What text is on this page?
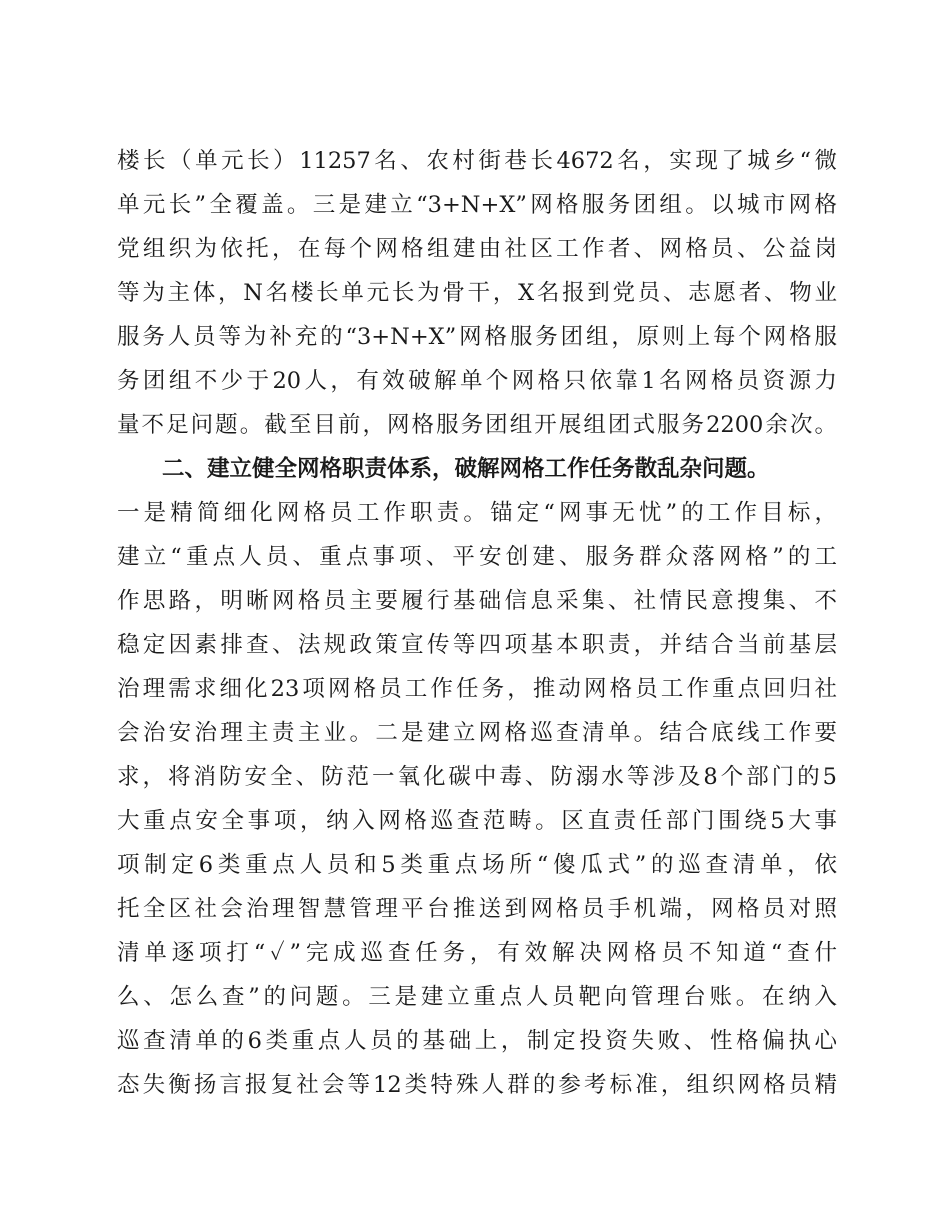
楼长（单元长）11257名、农村街巷长4672名，实现了城乡“微
单元长”全覆盖。三是建立“3+N+X”网格服务团组。以城市网格
党组织为依托，在每个网格组建由社区工作者、网格员、公益岗
等为主体，N名楼长单元长为骨干，X名报到党员、志愿者、物业
服务人员等为补充的“3+N+X”网格服务团组，原则上每个网格服
务团组不少于20人，有效破解单个网格只依靠1名网格员资源力
量不足问题。截至目前，网格服务团组开展组团式服务2200余次。
二、建立健全网格职责体系，破解网格工作任务散乱杂问题。
一是精简细化网格员工作职责。锚定“网事无忧”的工作目标，
建立“重点人员、重点事项、平安创建、服务群众落网格”的工
作思路，明晰网格员主要履行基础信息采集、社情民意搜集、不
稳定因素排查、法规政策宣传等四项基本职责，并结合当前基层
治理需求细化23项网格员工作任务，推动网格员工作重点回归社
会治安治理主责主业。二是建立网格巡查清单。结合底线工作要
求，将消防安全、防范一氧化碳中毒、防溺水等涉及8个部门的5
大重点安全事项，纳入网格巡查范畴。区直责任部门围绕5大事
项制定6类重点人员和5类重点场所“傻瓜式”的巡查清单，依
托全区社会治理智慧管理平台推送到网格员手机端，网格员对照
清单逐项打“✓”完成巡查任务，有效解决网格员不知道“查什
么、怎么查”的问题。三是建立重点人员靶向管理台账。在纳入
巡查清单的6类重点人员的基础上，制定投资失败、性格偏执心
态失衡扬言报复社会等12类特殊人群的参考标准，组织网格员精
